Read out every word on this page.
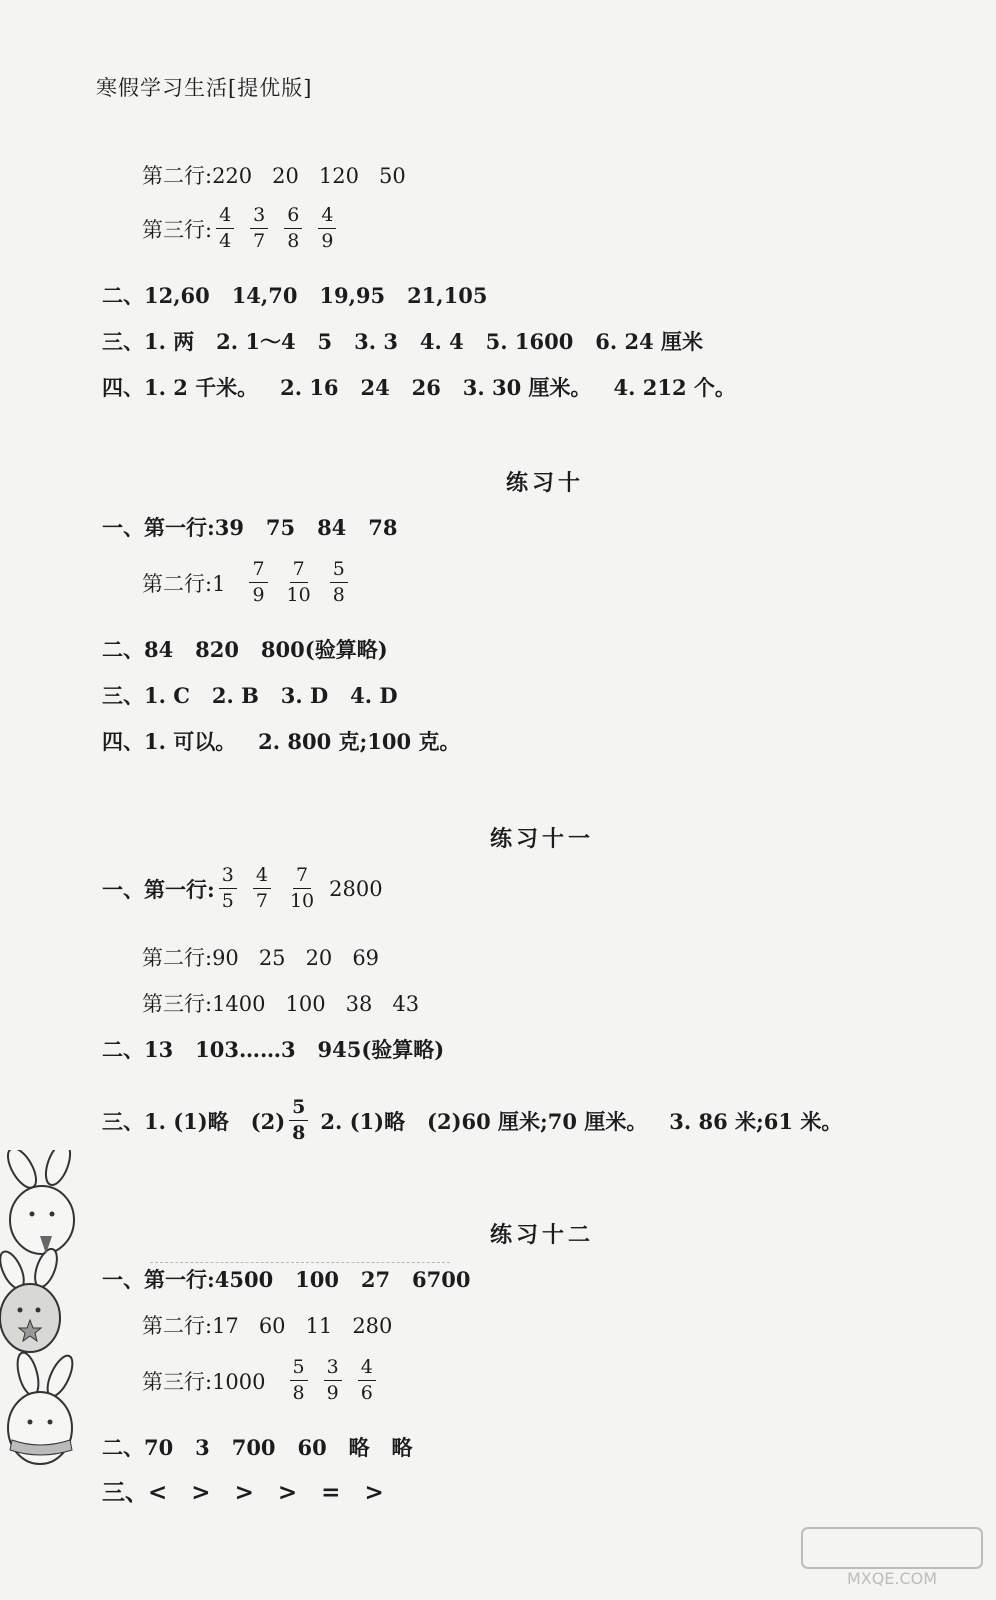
寒假学习生活[提优版]
第二行:220   20   120   50
第三行: $\frac{4}{4} \frac{3}{7} \frac{6}{8} \frac{4}{9}$
二、12,60   14,70   19,95   21,105
三、1. 两   2. 1～4   5   3. 3   4. 4   5. 1600   6. 24 厘米
四、1. 2 千米。   2. 16   24   26   3. 30 厘米。   4. 212 个。
练习十
一、第一行:39   75   84   78
第二行:1 $\frac{7}{9} \frac{7}{10} \frac{5}{8}$
二、84   820   800(验算略)
三、1. C   2. B   3. D   4. D
四、1. 可以。   2. 800 克;100 克。
练习十一
一、第一行: $\frac{3}{5} \frac{4}{7} \frac{7}{10} 2800$
第二行:90   25   20   69
第三行:1400   100   38   43
二、13   103……3   945(验算略)
三、1. (1)略   $(2) \frac{5}{8} 2$. (1)略   (2)60 厘米;70 厘米。   3. 86 米;61 米。
练习十二
一、第一行:4500   100   27   6700
第二行:17   60   11   280
第三行:1000 $\frac{5}{8} \frac{3}{9} \frac{4}{6}$
二、70   3   700   60   略   略
三、<   >   >   >   =   >
MXQE.COM
